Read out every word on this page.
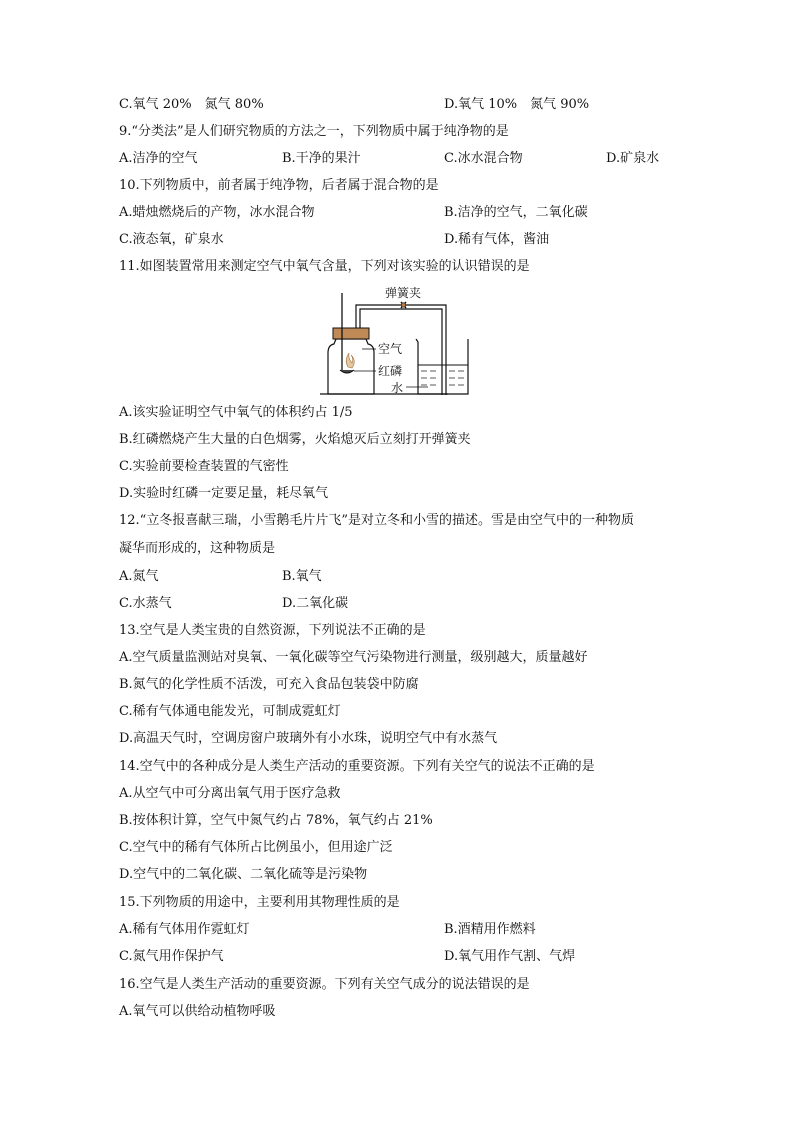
C.氧气 20%　氮气 80%	D.氧气 10%　氮气 90%
9.“分类法”是人们研究物质的方法之一，下列物质中属于纯净物的是
A.洁净的空气	B.干净的果汁	C.冰水混合物	D.矿泉水
10.下列物质中，前者属于纯净物，后者属于混合物的是
A.蜡烛燃烧后的产物，冰水混合物	B.洁净的空气，二氧化碳
C.液态氧，矿泉水	D.稀有气体，酱油
11.如图装置常用来测定空气中氧气含量，下列对该实验的认识错误的是
弹簧夹
空气
红磷
水
A.该实验证明空气中氧气的体积约占 1/5
B.红磷燃烧产生大量的白色烟雾，火焰熄灭后立刻打开弹簧夹
C.实验前要检查装置的气密性
D.实验时红磷一定要足量，耗尽氧气
12.“立冬报喜献三瑞，小雪鹅毛片片飞”是对立冬和小雪的描述。雪是由空气中的一种物质
凝华而形成的，这种物质是
A.氮气	B.氧气
C.水蒸气	D.二氧化碳
13.空气是人类宝贵的自然资源，下列说法不正确的是
A.空气质量监测站对臭氧、一氧化碳等空气污染物进行测量，级别越大，质量越好
B.氮气的化学性质不活泼，可充入食品包装袋中防腐
C.稀有气体通电能发光，可制成霓虹灯
D.高温天气时，空调房窗户玻璃外有小水珠，说明空气中有水蒸气
14.空气中的各种成分是人类生产活动的重要资源。下列有关空气的说法不正确的是
A.从空气中可分离出氧气用于医疗急救
B.按体积计算，空气中氮气约占 78%，氧气约占 21%
C.空气中的稀有气体所占比例虽小，但用途广泛
D.空气中的二氧化碳、二氧化硫等是污染物
15.下列物质的用途中，主要利用其物理性质的是
A.稀有气体用作霓虹灯	B.酒精用作燃料
C.氮气用作保护气	D.氧气用作气割、气焊
16.空气是人类生产活动的重要资源。下列有关空气成分的说法错误的是
A.氧气可以供给动植物呼吸
